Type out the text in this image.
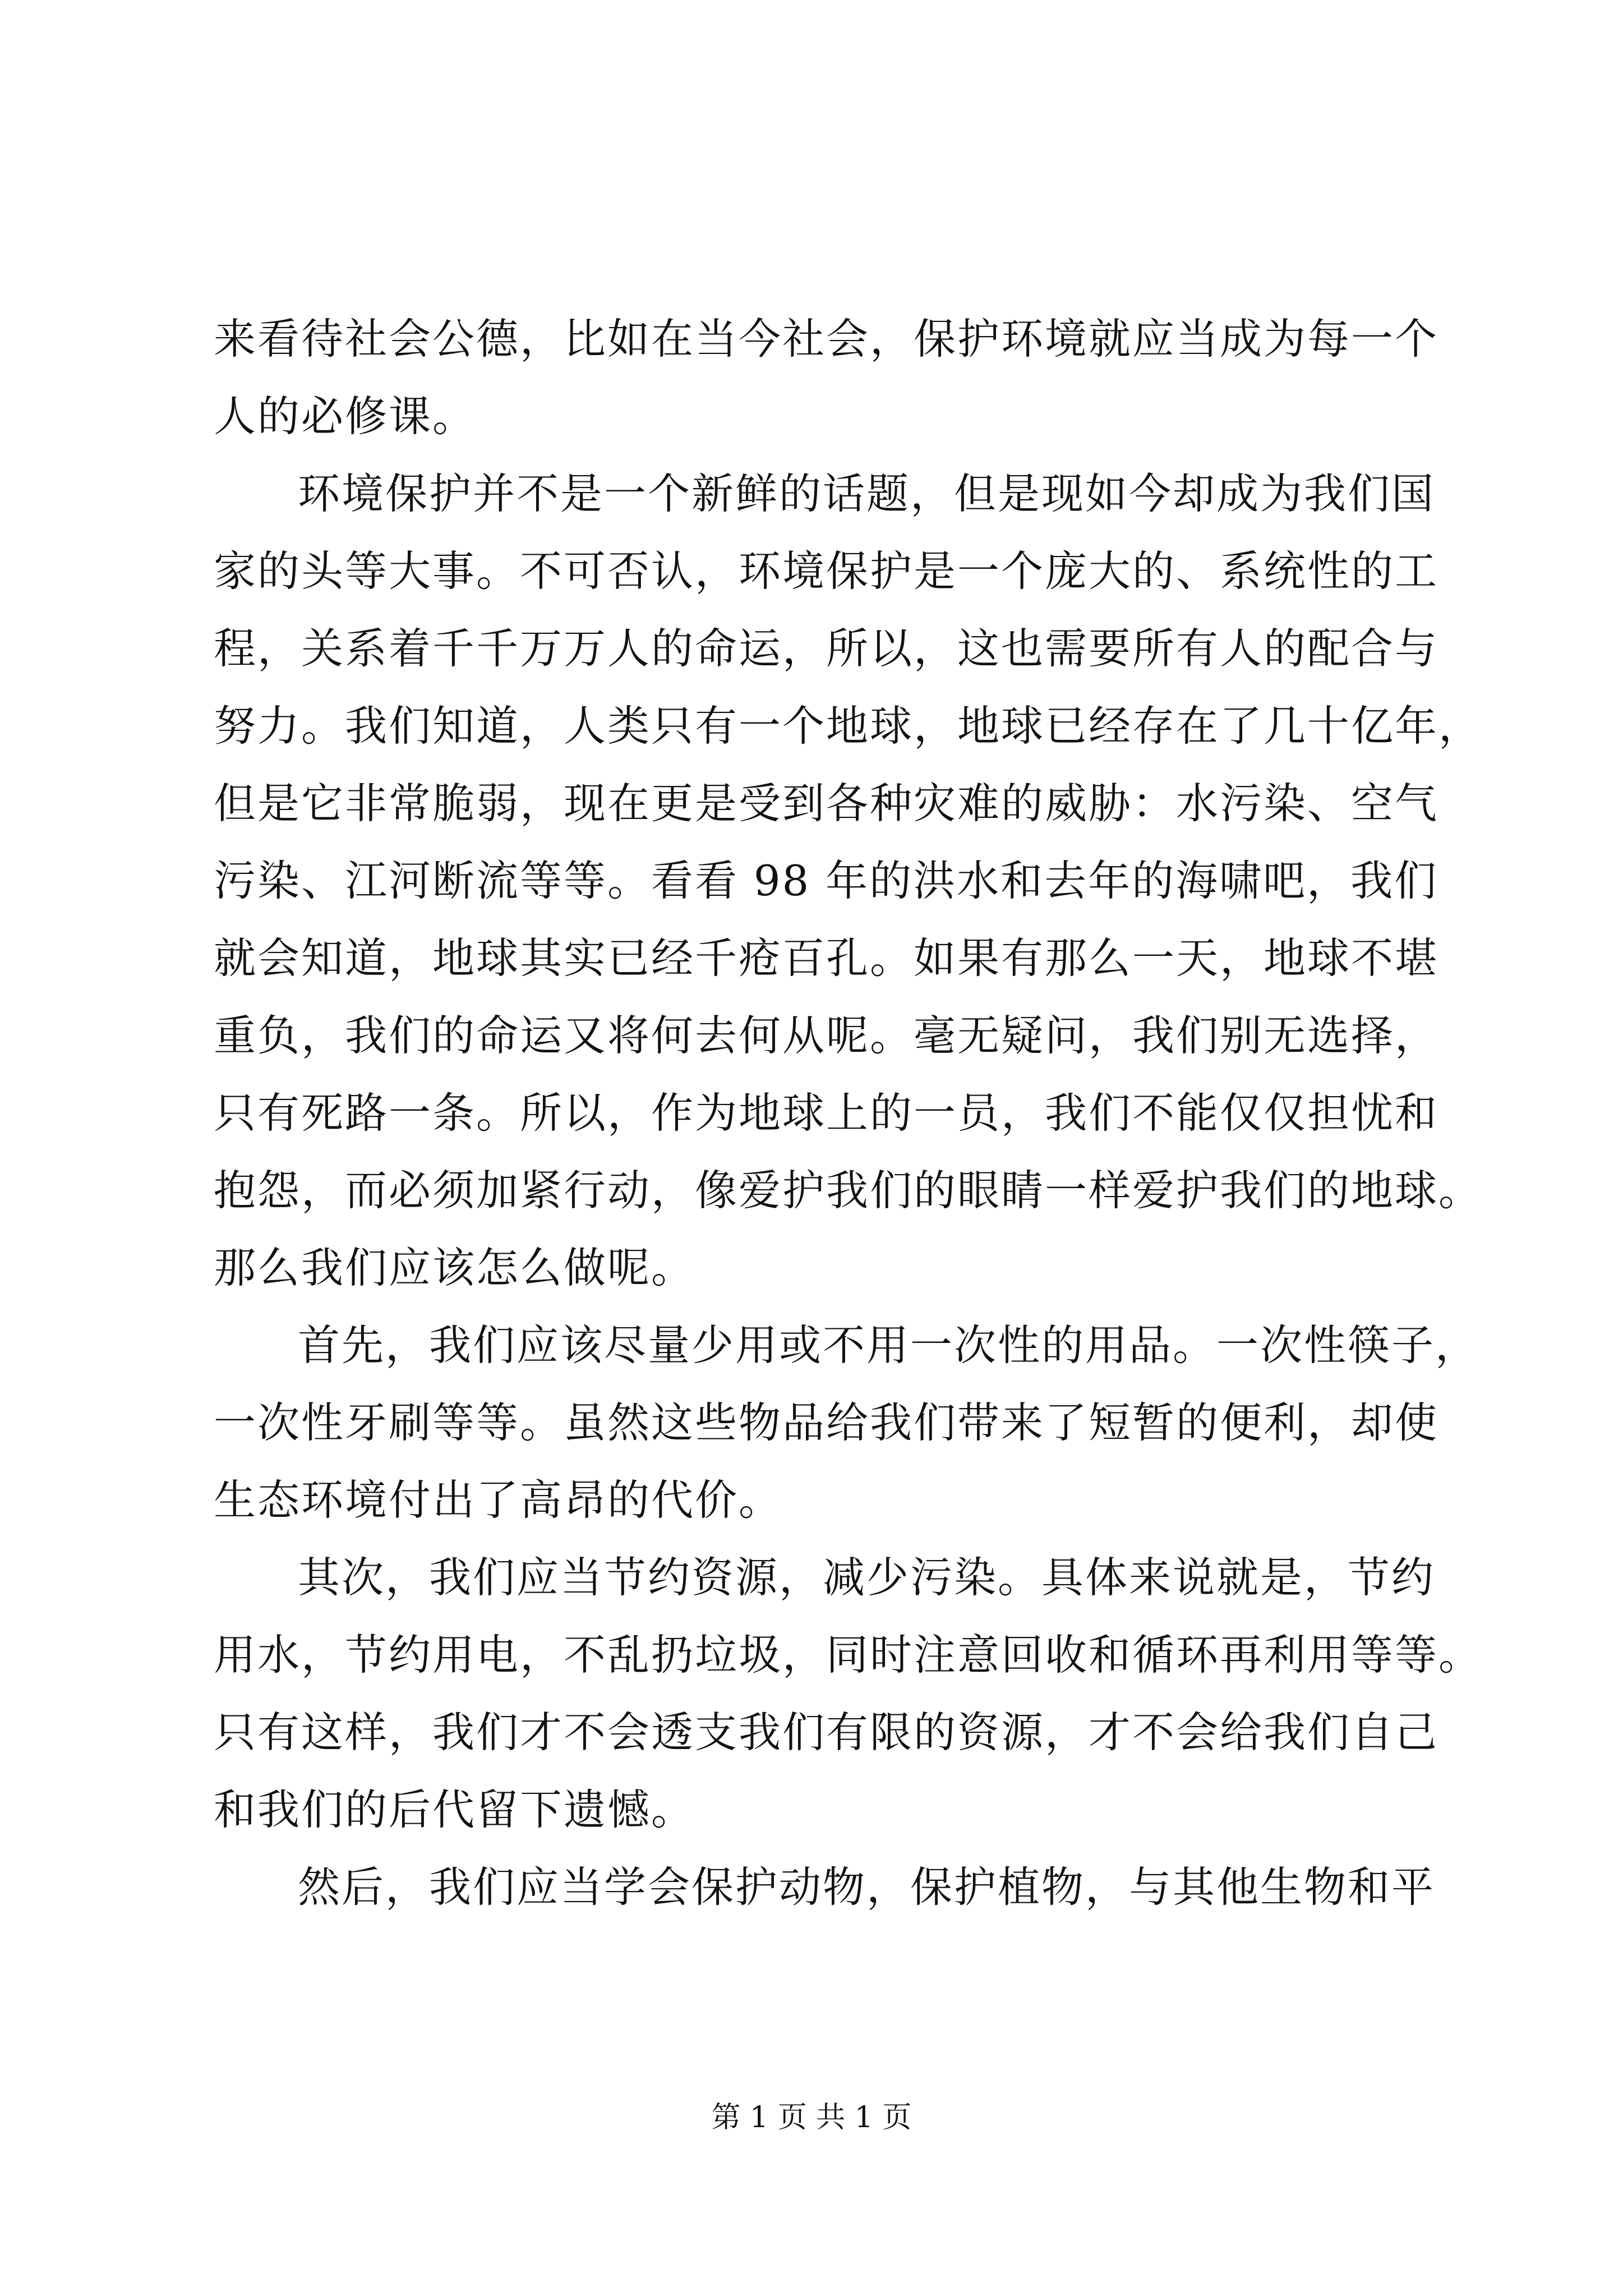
来看待社会公德，比如在当今社会，保护环境就应当成为每一个
人的必修课。
环境保护并不是一个新鲜的话题，但是现如今却成为我们国
家的头等大事。不可否认，环境保护是一个庞大的、系统性的工
程，关系着千千万万人的命运，所以，这也需要所有人的配合与
努力。我们知道，人类只有一个地球，地球已经存在了几十亿年，
但是它非常脆弱，现在更是受到各种灾难的威胁：水污染、空气
污染、江河断流等等。看看 98 年的洪水和去年的海啸吧，我们
就会知道，地球其实已经千疮百孔。如果有那么一天，地球不堪
重负，我们的命运又将何去何从呢。毫无疑问，我们别无选择，
只有死路一条。所以，作为地球上的一员，我们不能仅仅担忧和
抱怨，而必须加紧行动，像爱护我们的眼睛一样爱护我们的地球。
那么我们应该怎么做呢。
首先，我们应该尽量少用或不用一次性的用品。一次性筷子，
一次性牙刷等等。虽然这些物品给我们带来了短暂的便利，却使
生态环境付出了高昂的代价。
其次，我们应当节约资源，减少污染。具体来说就是，节约
用水，节约用电，不乱扔垃圾，同时注意回收和循环再利用等等。
只有这样，我们才不会透支我们有限的资源，才不会给我们自己
和我们的后代留下遗憾。
然后，我们应当学会保护动物，保护植物，与其他生物和平
第 1 页 共 1 页
